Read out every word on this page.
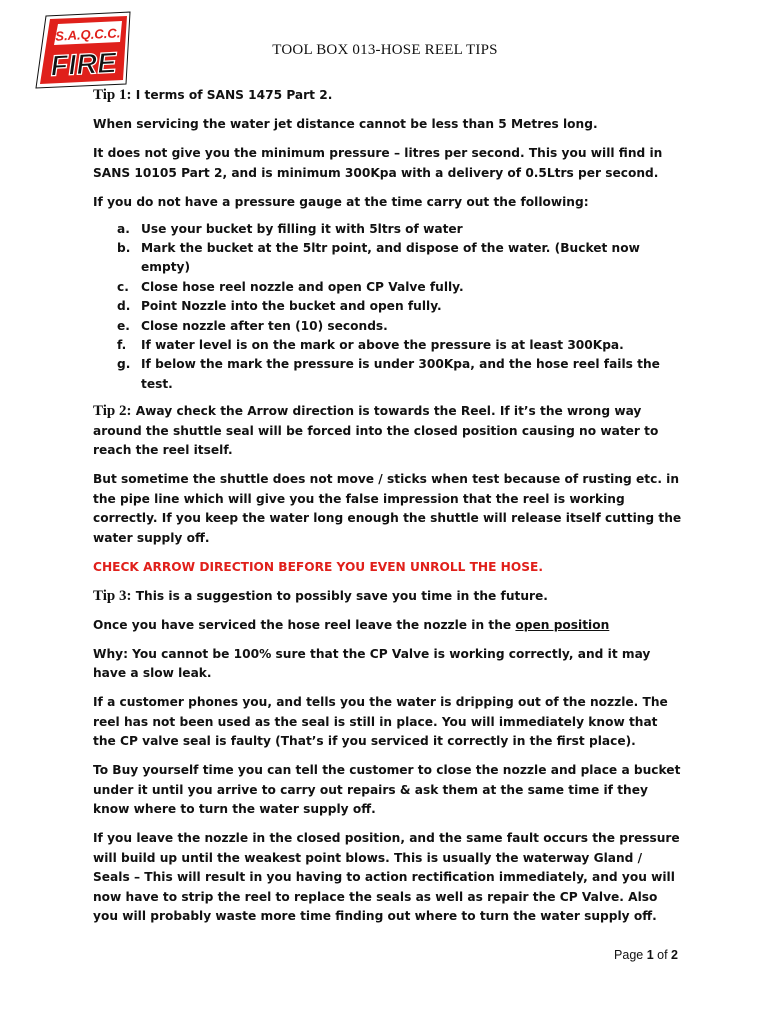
S.A.Q.C.C.
FIRE	TOOL BOX 013-HOSE REEL TIPS

Tip 1: I terms of SANS 1475 Part 2.

When servicing the water jet distance cannot be less than 5 Metres long.

It does not give you the minimum pressure – litres per second. This you will find in SANS 10105 Part 2, and is minimum 300Kpa with a delivery of 0.5Ltrs per second.

If you do not have a pressure gauge at the time carry out the following:

a. Use your bucket by filling it with 5ltrs of water
b. Mark the bucket at the 5ltr point, and dispose of the water. (Bucket now empty)
c. Close hose reel nozzle and open CP Valve fully.
d. Point Nozzle into the bucket and open fully.
e. Close nozzle after ten (10) seconds.
f.	If water level is on the mark or above the pressure is at least 300Kpa.
g. If below the mark the pressure is under 300Kpa, and the hose reel fails the test.

Tip 2: Away check the Arrow direction is towards the Reel. If it’s the wrong way around the shuttle seal will be forced into the closed position causing no water to reach the reel itself.

But sometime the shuttle does not move / sticks when test because of rusting etc. in the pipe line which will give you the false impression that the reel is working correctly. If you keep the water long enough the shuttle will release itself cutting the water supply off.

CHECK ARROW DIRECTION BEFORE YOU EVEN UNROLL THE HOSE.

Tip 3: This is a suggestion to possibly save you time in the future.

Once you have serviced the hose reel leave the nozzle in the open position

Why: You cannot be 100% sure that the CP Valve is working correctly, and it may have a slow leak.

If a customer phones you, and tells you the water is dripping out of the nozzle. The reel has not been used as the seal is still in place. You will immediately know that the CP valve seal is faulty (That’s if you serviced it correctly in the first place).

To Buy yourself time you can tell the customer to close the nozzle and place a bucket under it until you arrive to carry out repairs & ask them at the same time if they know where to turn the water supply off.

If you leave the nozzle in the closed position, and the same fault occurs the pressure will build up until the weakest point blows. This is usually the waterway Gland / Seals – This will result in you having to action rectification immediately, and you will now have to strip the reel to replace the seals as well as repair the CP Valve. Also you will probably waste more time finding out where to turn the water supply off.

Page 1 of 2
